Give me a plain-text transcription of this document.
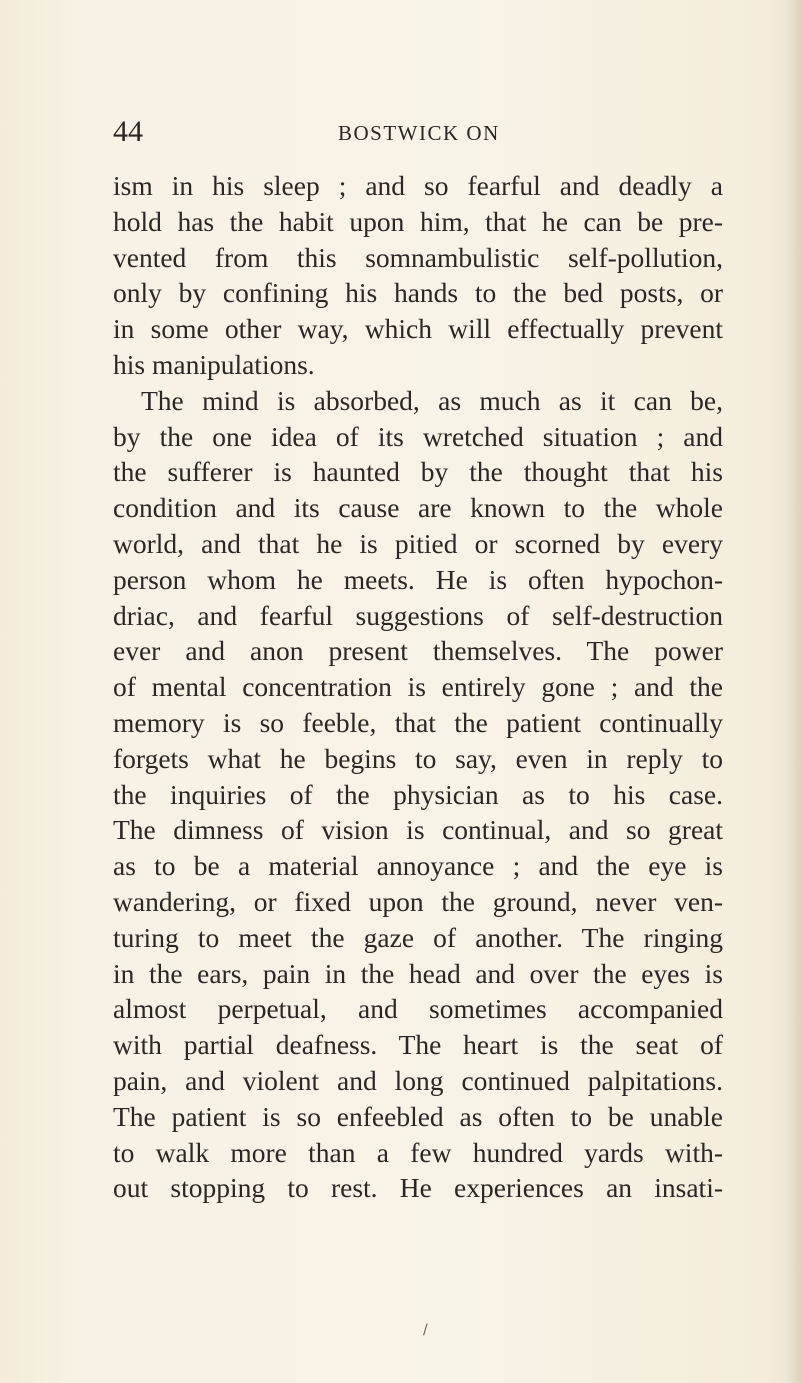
44	BOSTWICK ON
ism in his sleep ; and so fearful and deadly a
hold has the habit upon him, that he can be pre-
vented from this somnambulistic self-pollution,
only by confining his hands to the bed posts, or
in some other way, which will effectually prevent
his manipulations.
The mind is absorbed, as much as it can be,
by the one idea of its wretched situation ; and
the sufferer is haunted by the thought that his
condition and its cause are known to the whole
world, and that he is pitied or scorned by every
person whom he meets. He is often hypochon-
driac, and fearful suggestions of self-destruction
ever and anon present themselves. The power
of mental concentration is entirely gone ; and the
memory is so feeble, that the patient continually
forgets what he begins to say, even in reply to
the inquiries of the physician as to his case.
The dimness of vision is continual, and so great
as to be a material annoyance ; and the eye is
wandering, or fixed upon the ground, never ven-
turing to meet the gaze of another. The ringing
in the ears, pain in the head and over the eyes is
almost perpetual, and sometimes accompanied
with partial deafness. The heart is the seat of
pain, and violent and long continued palpitations.
The patient is so enfeebled as often to be unable
to walk more than a few hundred yards with-
out stopping to rest. He experiences an insati-
/
